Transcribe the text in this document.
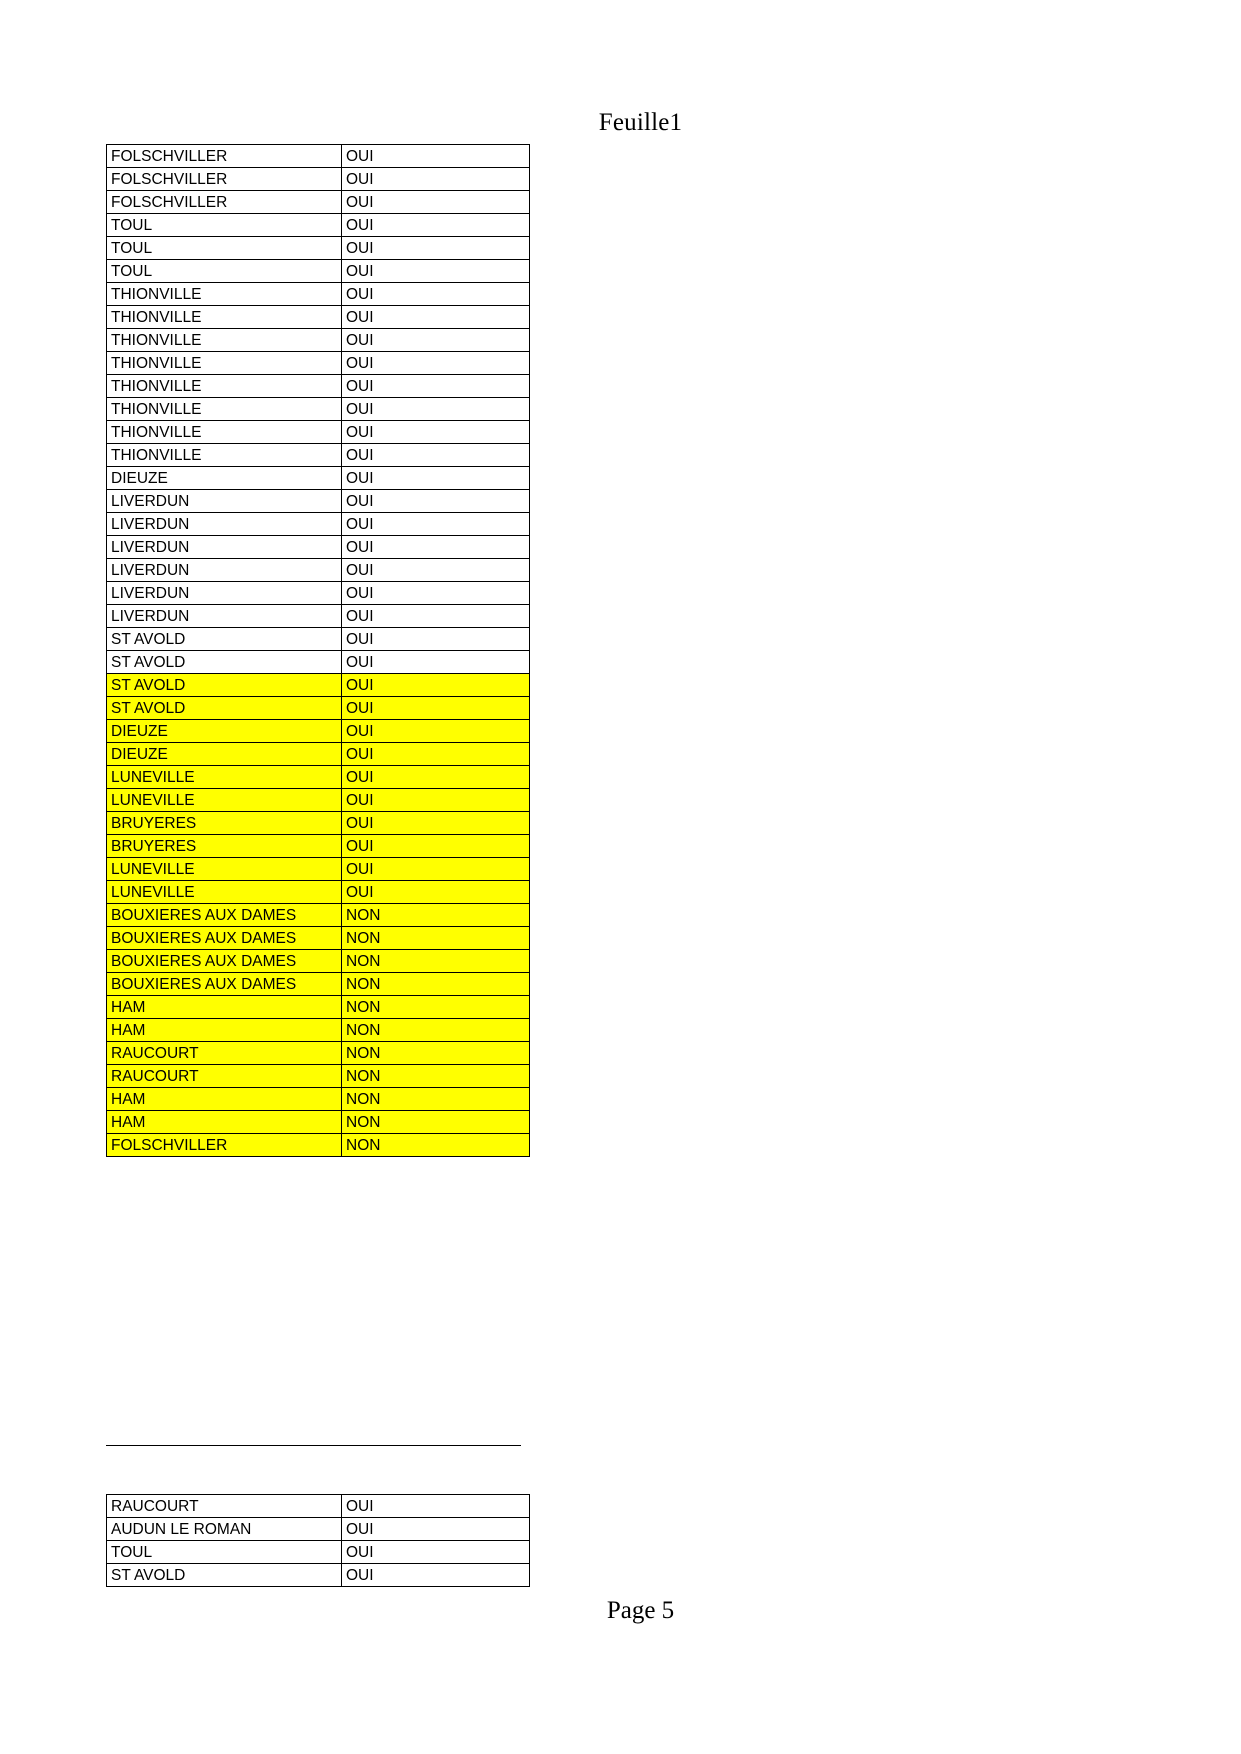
Feuille1
FOLSCHVILLER	OUI
FOLSCHVILLER	OUI
FOLSCHVILLER	OUI
TOUL	OUI
TOUL	OUI
TOUL	OUI
THIONVILLE	OUI
THIONVILLE	OUI
THIONVILLE	OUI
THIONVILLE	OUI
THIONVILLE	OUI
THIONVILLE	OUI
THIONVILLE	OUI
THIONVILLE	OUI
DIEUZE	OUI
LIVERDUN	OUI
LIVERDUN	OUI
LIVERDUN	OUI
LIVERDUN	OUI
LIVERDUN	OUI
LIVERDUN	OUI
ST AVOLD	OUI
ST AVOLD	OUI
ST AVOLD	OUI
ST AVOLD	OUI
DIEUZE	OUI
DIEUZE	OUI
LUNEVILLE	OUI
LUNEVILLE	OUI
BRUYERES	OUI
BRUYERES	OUI
LUNEVILLE	OUI
LUNEVILLE	OUI
BOUXIERES AUX DAMES	NON
BOUXIERES AUX DAMES	NON
BOUXIERES AUX DAMES	NON
BOUXIERES AUX DAMES	NON
HAM	NON
HAM	NON
RAUCOURT	NON
RAUCOURT	NON
HAM	NON
HAM	NON
FOLSCHVILLER	NON
RAUCOURT	OUI
AUDUN LE ROMAN	OUI
TOUL	OUI
ST AVOLD	OUI
Page 5
